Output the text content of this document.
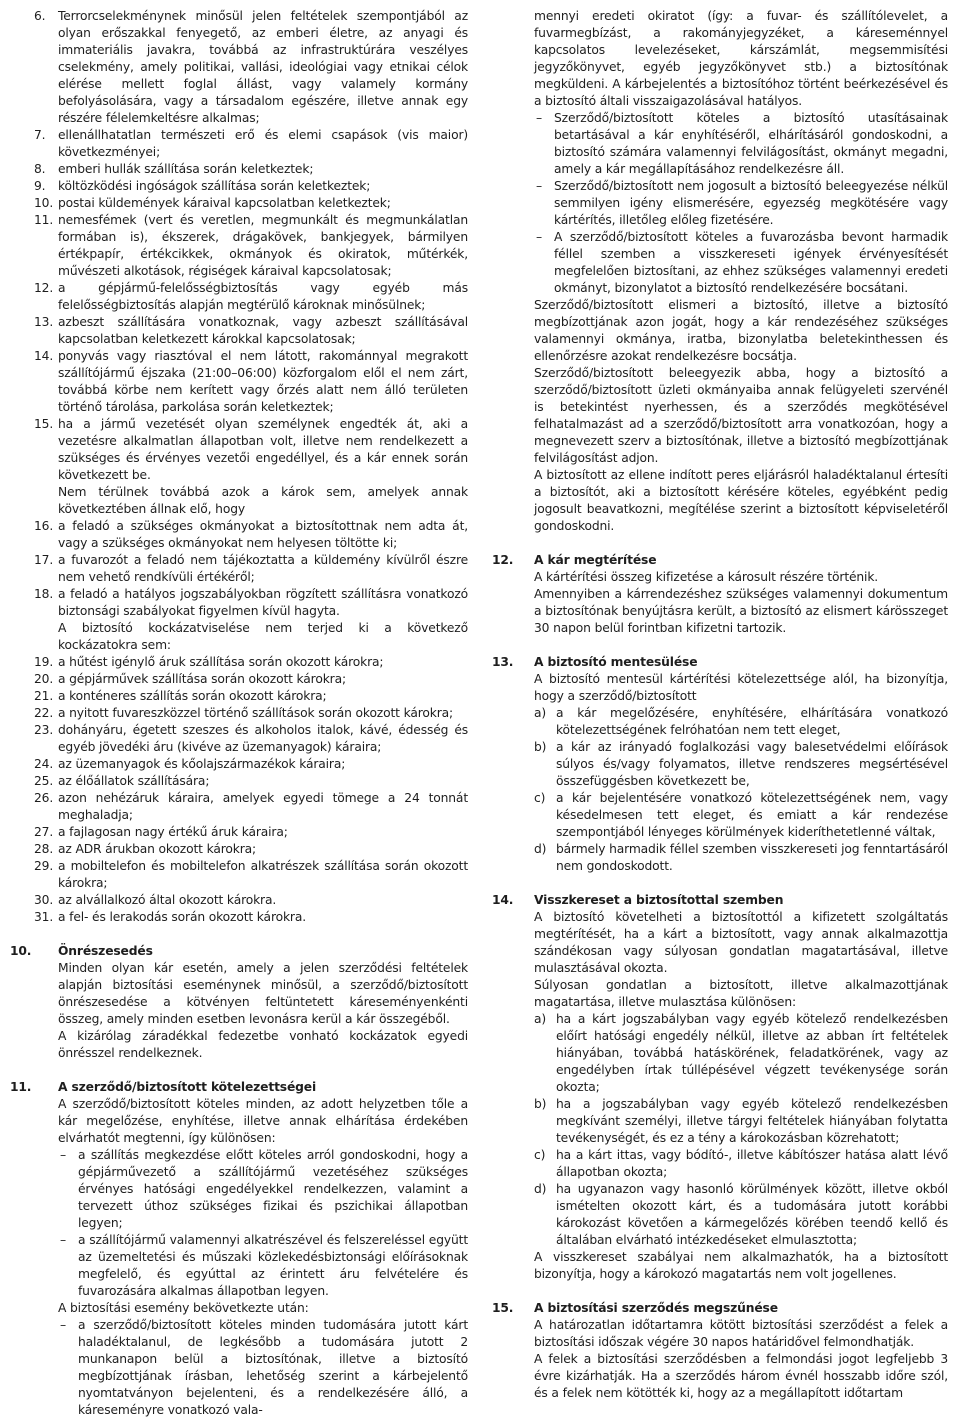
6. Terrorcselekménynek minősül jelen feltételek szempontjából az olyan erőszakkal fenyegető, az emberi életre, az anyagi és immateriális javakra, továbbá az infrastruktúrára veszélyes cselekmény, amely politikai, vallási, ideológiai vagy etnikai célok elérése mellett foglal állást, vagy valamely kormány befolyásolására, vagy a társadalom egészére, illetve annak egy részére félelemkeltésre alkalmas;
7. ellenállhatatlan természeti erő és elemi csapások (vis maior) következményei;
8. emberi hullák szállítása során keletkeztek;
9. költözködési ingóságok szállítása során keletkeztek;
10. postai küldemények káraival kapcsolatban keletkeztek;
11. nemesfémek (vert és veretlen, megmunkált és megmunkálatlan formában is), ékszerek, drágakövek, bankjegyek, bármilyen értékpapír, értékcikkek, okmányok és okiratok, műtérkék, művészeti alkotások, régiségek káraival kapcsolatosak;
12. a gépjármű-felelősségbiztosítás vagy egyéb más felelősségbiztosítás alapján megtérülő károknak minősülnek;
13. azbeszt szállítására vonatkoznak, vagy azbeszt szállításával kapcsolatban keletkezett károkkal kapcsolatosak;
14. ponyvás vagy riasztóval el nem látott, rakománnyal megrakott szállítójármű éjszaka (21:00–06:00) közforgalom elől el nem zárt, továbbá körbe nem kerített vagy őrzés alatt nem álló területen történő tárolása, parkolása során keletkeztek;
15. ha a jármű vezetését olyan személynek engedték át, aki a vezetésre alkalmatlan állapotban volt, illetve nem rendelkezett a szükséges és érvényes vezetői engedéllyel, és a kár ennek során következett be.

Nem térülnek továbbá azok a károk sem, amelyek annak következtében állnak elő, hogy

16. a feladó a szükséges okmányokat a biztosítottnak nem adta át, vagy a szükséges okmányokat nem helyesen töltötte ki;
17. a fuvarozót a feladó nem tájékoztatta a küldemény kívülről észre nem vehető rendkívüli értékéről;
18. a feladó a hatályos jogszabályokban rögzített szállításra vonatkozó biztonsági szabályokat figyelmen kívül hagyta.

A biztosító kockázatviselése nem terjed ki a következő kockázatokra sem:

19. a hűtést igénylő áruk szállítása során okozott károkra;
20. a gépjárművek szállítása során okozott károkra;
21. a konténeres szállítás során okozott károkra;
22. a nyitott fuvareszközzel történő szállítások során okozott károkra;
23. dohányáru, égetett szeszes és alkoholos italok, kávé, édesség és egyéb jövedéki áru (kivéve az üzemanyagok) káraira;
24. az üzemanyagok és kőolajszármazékok káraira;
25. az élőállatok szállítására;
26. azon nehézáruk káraira, amelyek egyedi tömege a 24 tonnát meghaladja;
27. a fajlagosan nagy értékű áruk káraira;
28. az ADR árukban okozott károkra;
29. a mobiltelefon és mobiltelefon alkatrészek szállítása során okozott károkra;
30. az alvállalkozó által okozott károkra.
31. a fel- és lerakodás során okozott károkra.
10. Önrészesedés

Minden olyan kár esetén, amely a jelen szerződési feltételek alapján biztosítási eseménynek minősül, a szerződő/biztosított önrészesedése a kötvényen feltüntetett káreseményenkénti összeg, amely minden esetben levonásra kerül a kár összegéből.

A kizárólag záradékkal fedezetbe vonható kockázatok egyedi önrésszel rendelkeznek.

11. A szerződő/biztosított kötelezettségei

A szerződő/biztosított köteles minden, az adott helyzetben tőle a kár megelőzése, enyhítése, illetve annak elhárítása érdekében elvárhatót megtenni, így különösen:

– a szállítás megkezdése előtt köteles arról gondoskodni, hogy a gépjárművezető a szállítójármű vezetéséhez szükséges érvényes hatósági engedélyekkel rendelkezzen, valamint a tervezett úthoz szükséges fizikai és pszichikai állapotban legyen;
– a szállítójármű valamennyi alkatrészével és felszereléssel együtt az üzemeltetési és műszaki közlekedésbiztonsági előírásoknak megfelelő, és egyúttal az érintett áru felvételére és fuvarozására alkalmas állapotban legyen.

A biztosítási esemény bekövetkezte után:

– a szerződő/biztosított köteles minden tudomására jutott kárt haladéktalanul, de legkésőbb a tudomására jutott 2 munkanapon belül a biztosítónak, illetve a biztosító megbízottjának írásban, lehetőség szerint a kárbejelentő nyomtatványon bejelenteni, és a rendelkezésére álló, a káreseményre vonatkozó vala-

mennyi eredeti okiratot (így: a fuvar- és szállítólevelet, a fuvarmegbízást, a rakományjegyzéket, a káreseménnyel kapcsolatos levelezéseket, kárszámlát, megsemmisítési jegyzőkönyvet, egyéb jegyzőkönyvet stb.) a biztosítónak megküldeni. A kárbejelentés a biztosítóhoz történt beérkezésével és a biztosító általi visszaigazolásával hatályos.

– Szerződő/biztosított köteles a biztosító utasításainak betartásával a kár enyhítéséről, elhárításáról gondoskodni, a biztosító számára valamennyi felvilágosítást, okmányt megadni, amely a kár megállapításához rendelkezésre áll.
– Szerződő/biztosított nem jogosult a biztosító beleegyezése nélkül semmilyen igény elismerésére, egyezség megkötésére vagy kártérítés, illetőleg előleg fizetésére.
– A szerződő/biztosított köteles a fuvarozásba bevont harmadik féllel szemben a visszkereseti igények érvényesítését megfelelően biztosítani, az ehhez szükséges valamennyi eredeti okmányt, bizonylatot a biztosító rendelkezésére bocsátani.

Szerződő/biztosított elismeri a biztosító, illetve a biztosító megbízottjának azon jogát, hogy a kár rendezéséhez szükséges valamennyi okmánya, iratba, bizonylatba beletekinthessen és ellenőrzésre azokat rendelkezésre bocsátja.

Szerződő/biztosított beleegyezik abba, hogy a biztosító a szerződő/biztosított üzleti okmányaiba annak felügyeleti szervénél is betekintést nyerhessen, és a szerződés megkötésével felhatalmazást ad a szerződő/biztosított arra vonatkozóan, hogy a megnevezett szerv a biztosítónak, illetve a biztosító megbízottjának felvilágosítást adjon.

A biztosított az ellene indított peres eljárásról haladéktalanul értesíti a biztosítót, aki a biztosított kérésére köteles, egyébként pedig jogosult beavatkozni, megítélése szerint a biztosított képviseletéről gondoskodni.

12. A kár megtérítése

A kártérítési összeg kifizetése a károsult részére történik.

Amennyiben a kárrendezéshez szükséges valamennyi dokumentum a biztosítónak benyújtásra került, a biztosító az elismert kárösszeget 30 napon belül forintban kifizetni tartozik.

13. A biztosító mentesülése

A biztosító mentesül kártérítési kötelezettsége alól, ha bizonyítja, hogy a szerződő/biztosított

a) a kár megelőzésére, enyhítésére, elhárítására vonatkozó kötelezettségének felróhatóan nem tett eleget,
b) a kár az irányadó foglalkozási vagy balesetvédelmi előírások súlyos és/vagy folyamatos, illetve rendszeres megsértésével összefüggésben következett be,
c) a kár bejelentésére vonatkozó kötelezettségének nem, vagy késedelmesen tett eleget, és emiatt a kár rendezése szempontjából lényeges körülmények kideríthetetlenné váltak,
d) bármely harmadik féllel szemben visszkereseti jog fenntartásáról nem gondoskodott.
14. Visszkereset a biztosítottal szemben

A biztosító követelheti a biztosítottól a kifizetett szolgáltatás megtérítését, ha a kárt a biztosított, vagy annak alkalmazottja szándékosan vagy súlyosan gondatlan magatartásával, illetve mulasztásával okozta.

Súlyosan gondatlan a biztosított, illetve alkalmazottjának magatartása, illetve mulasztása különösen:

a) ha a kárt jogszabályban vagy egyéb kötelező rendelkezésben előírt hatósági engedély nélkül, illetve az abban írt feltételek hiányában, továbbá hatáskörének, feladatkörének, vagy az engedélyben írtak túllépésével végzett tevékenysége során okozta;
b) ha a jogszabályban vagy egyéb kötelező rendelkezésben megkívánt személyi, illetve tárgyi feltételek hiányában folytatta tevékenységét, és ez a tény a károkozásban közrehatott;
c) ha a kárt ittas, vagy bódító-, illetve kábítószer hatása alatt lévő állapotban okozta;
d) ha ugyanazon vagy hasonló körülmények között, illetve okból ismételten okozott kárt, és a tudomására jutott korábbi károkozást követően a kármegelőzés körében teendő kellő és általában elvárható intézkedéseket elmulasztotta;

A visszkereset szabályai nem alkalmazhatók, ha a biztosított bizonyítja, hogy a károkozó magatartás nem volt jogellenes.

15. A biztosítási szerződés megszűnése

A határozatlan időtartamra kötött biztosítási szerződést a felek a biztosítási időszak végére 30 napos határidővel felmondhatják.

A felek a biztosítási szerződésben a felmondási jogot legfeljebb 3 évre kizárhatják. Ha a szerződés három évnél hosszabb időre szól, és a felek nem kötötték ki, hogy az a megállapított időtartam
